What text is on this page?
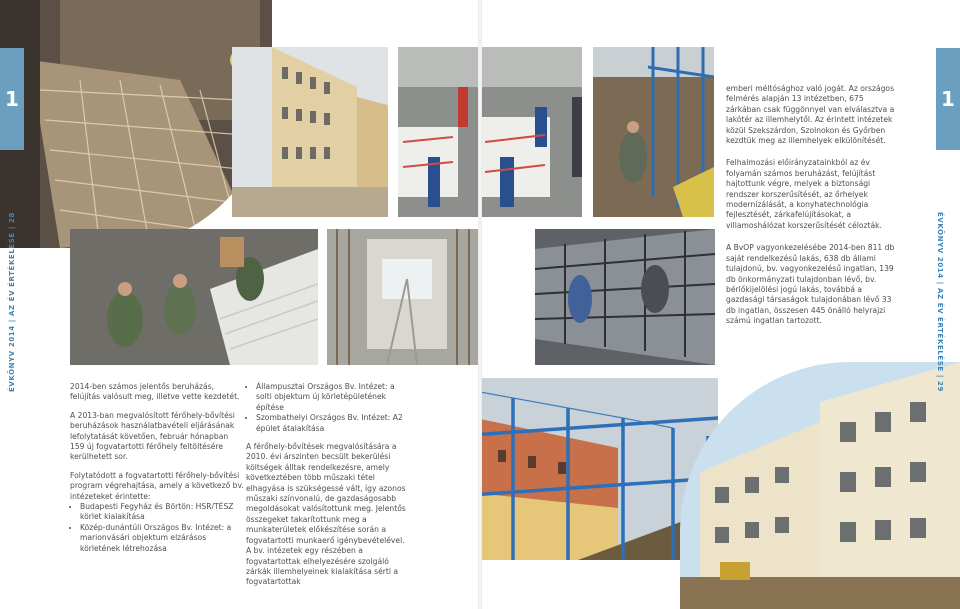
2014-ben számos jelentős beruházás, felújítás valósult meg, illetve vette kezdetét.

A 2013-ban megvalósított férőhely-bővítési beruházások használatbavételi eljárásának lefolytatását követően, február hónapban 159 új fogvatartotti férőhely feltöltésére kerülhetett sor.

Folytatódott a fogvatartotti férőhely-bővítési program végrehajtása, amely a következő bv. intézeteket érintette:

• Budapesti Fegyház és Börtön: HSR/TÉSZ körlet kialakítása
• Közép-dunántúli Országos Bv. Intézet: a marionvásári objektum elzárásos körletének létrehozása
• Állampusztai Országos Bv. Intézet: a solti objektum új körletépületének építése
• Szombathelyi Országos Bv. Intézet: A2 épület átalakítása

A férőhely-bővítések megvalósítására a 2010. évi árszinten becsült bekerülési költségek álltak rendelkezésre, amely következtében több műszaki tétel elhagyása is szükségessé vált, így azonos műszaki színvonalú, de gazdaságosabb megoldásokat valósítottunk meg. Jelentős összegeket takarítottunk meg a munkaterületek előkészítése során a fogvatartotti munkaerő igénybevételével. A bv. intézetek egy részében a fogvatartottak elhelyezésére szolgáló zárkák illemhelyeinek kialakítása sérti a fogvatartottak

emberi méltósághoz való jogát. Az országos felmérés alapján 13 intézetben, 675 zárkában csak függönnyel van elválasztva a lakótér az illemhelytől. Az érintett intézetek közül Szekszárdon, Szolnokon és Győrben kezdtük meg az illemhelyek elkülönítését.

Felhalmozási előirányzatainkból az év folyamán számos beruházást, felújítást hajtottunk végre, melyek a biztonsági rendszer korszerűsítését, az őrhelyek modernizálását, a konyhatechnológia fejlesztését, zárkafelújításokat, a villamoshálózat korszerűsítését célozták.

A BvOP vagyonkezelésébe 2014-ben 811 db saját rendelkezésű lakás, 638 db állami tulajdonú, bv. vagyonkezelésű ingatlan, 139 db önkormányzati tulajdonban lévő, bv. bérlőkijelölési jogú lakás, továbbá a gazdasági társaságok tulajdonában lévő 33 db ingatlan, összesen 445 önálló helyrajzi számú ingatlan tartozott.

1	1
ÉVKÖNYV 2014 | AZ ÉV ÉRTÉKELÉSE | 28	ÉVKÖNYV 2014 | AZ ÉV ÉRTÉKELÉSE | 29
